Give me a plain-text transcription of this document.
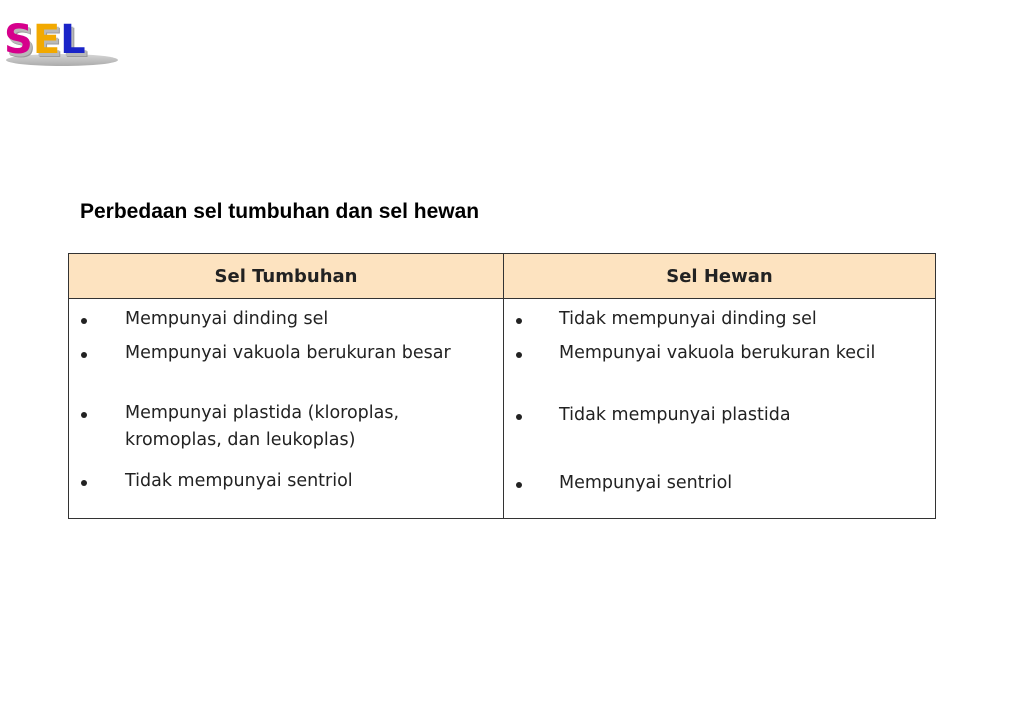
S E L
Perbedaan sel tumbuhan dan sel hewan
Sel Tumbuhan
Mempunyai dinding sel
Mempunyai vakuola berukuran besar
Mempunyai plastida (kloroplas, kromoplas, dan leukoplas)
Tidak mempunyai sentriol
Sel Hewan
Tidak mempunyai dinding sel
Mempunyai vakuola berukuran kecil
Tidak mempunyai plastida
Mempunyai sentriol
